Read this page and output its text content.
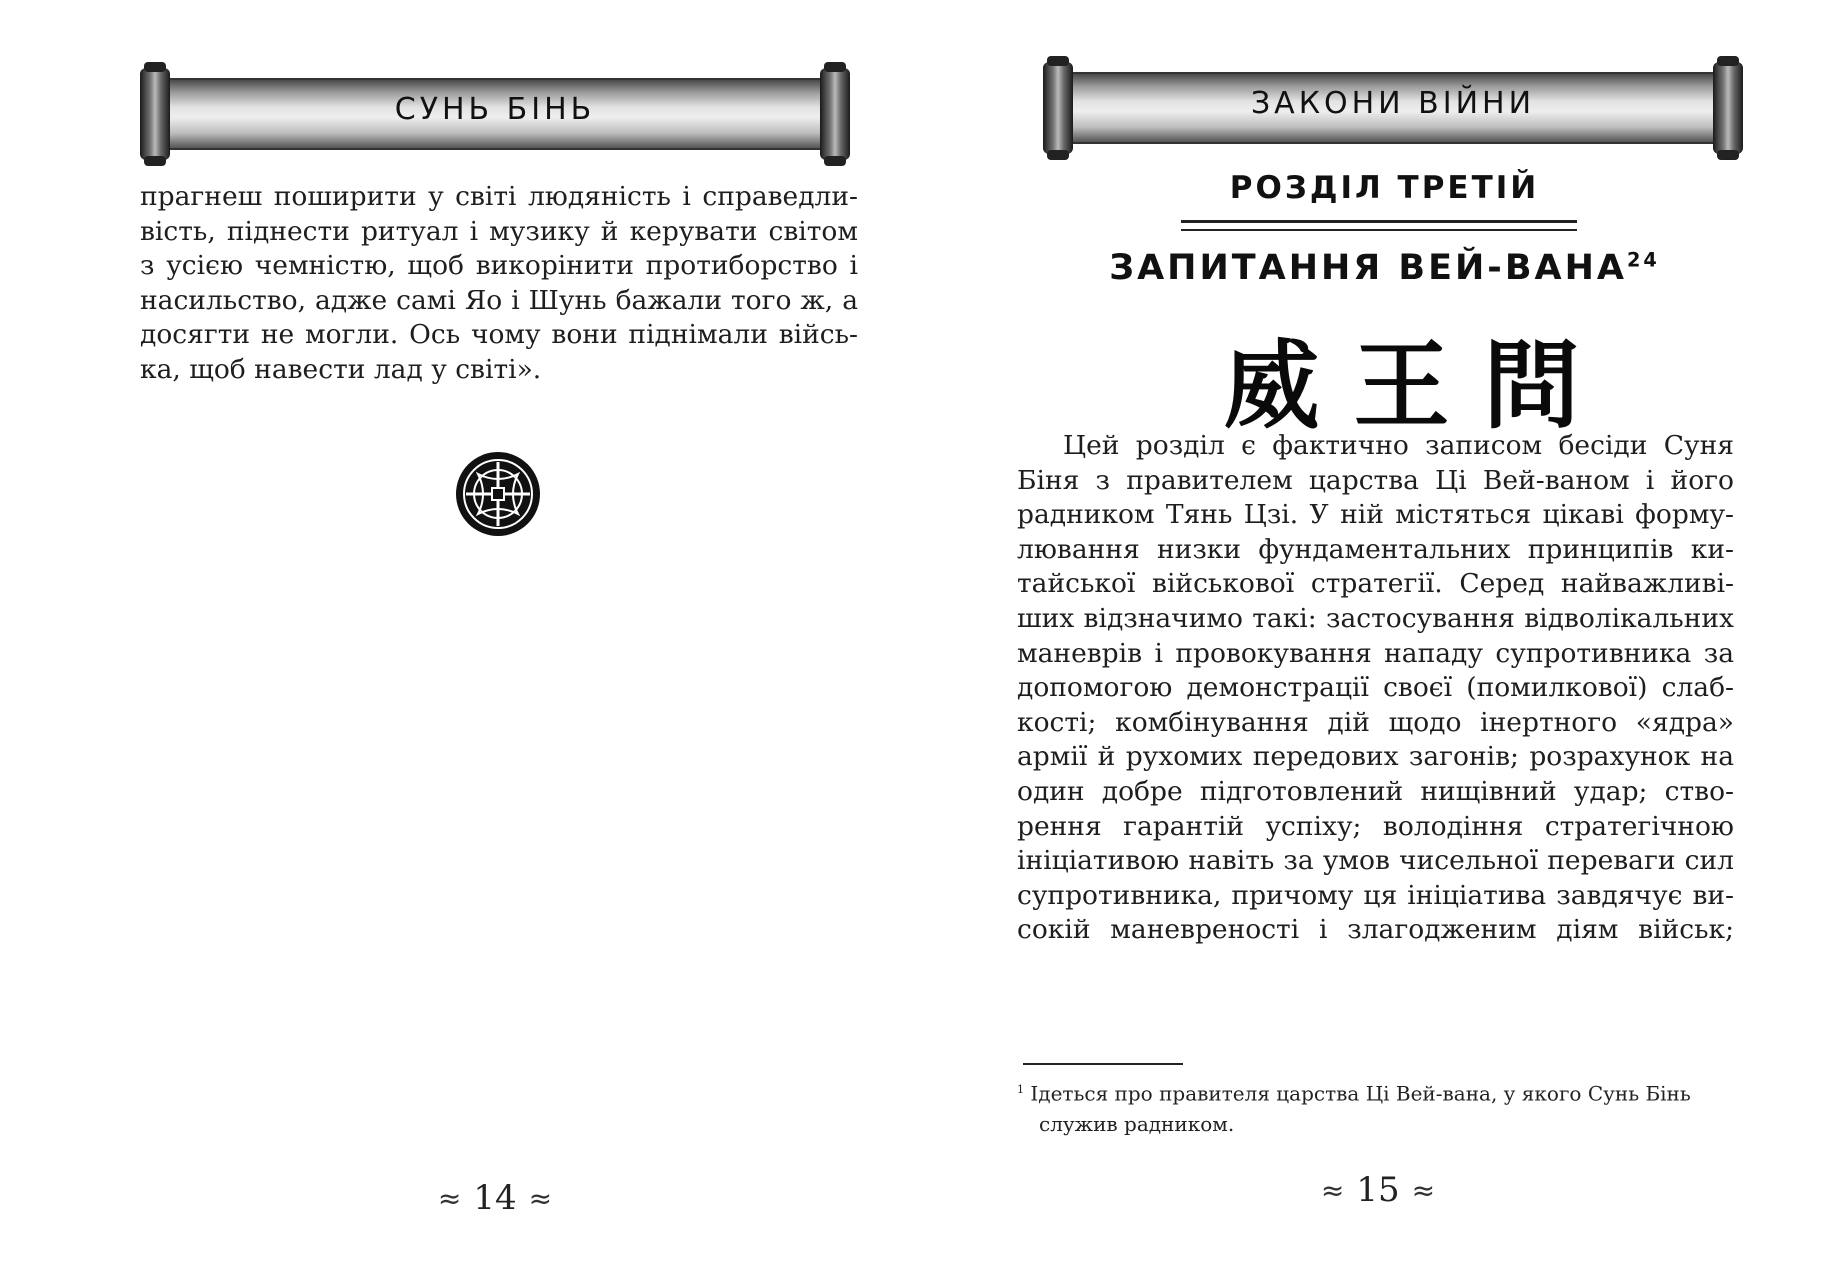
СУНЬ БІНЬ

прагнеш поширити у світі людяність і справедли-

вість, піднести ритуал і музику й керувати світом

з усією чемністю, щоб викорінити протиборство і

насильство, адже самі Яо і Шунь бажали того ж, а

досягти не могли. Ось чому вони піднімали війсь-

ка, щоб навести лад у світі».

≈ 14 ≈
ЗАКОНИ ВІЙНИ
РОЗДІЛ ТРЕТІЙ
ЗАПИТАННЯ ВЕЙ-ВАНА$^{24}$
威王問

Цей розділ є фактично записом бесіди Суня

Біня з правителем царства Ці Вей-ваном і його

радником Тянь Цзі. У ній містяться цікаві форму-

лювання низки фундаментальних принципів ки-

тайської військової стратегії. Серед найважливі-

ших відзначимо такі: застосування відволікальних

маневрів і провокування нападу супротивника за

допомогою демонстрації своєї (помилкової) слаб-

кості; комбінування дій щодо інертного «ядра»

армії й рухомих передових загонів; розрахунок на

один добре підготовлений нищівний удар; ство-

рення гарантій успіху; володіння стратегічною

ініціативою навіть за умов чисельної переваги сил

супротивника, причому ця ініціатива завдячує ви-

сокій маневреності і злагодженим діям військ;

$^1$ Ідеться про правителя царства Ці Вей-вана, у якого Сунь Бінь
служив радником.
≈ 15 ≈
